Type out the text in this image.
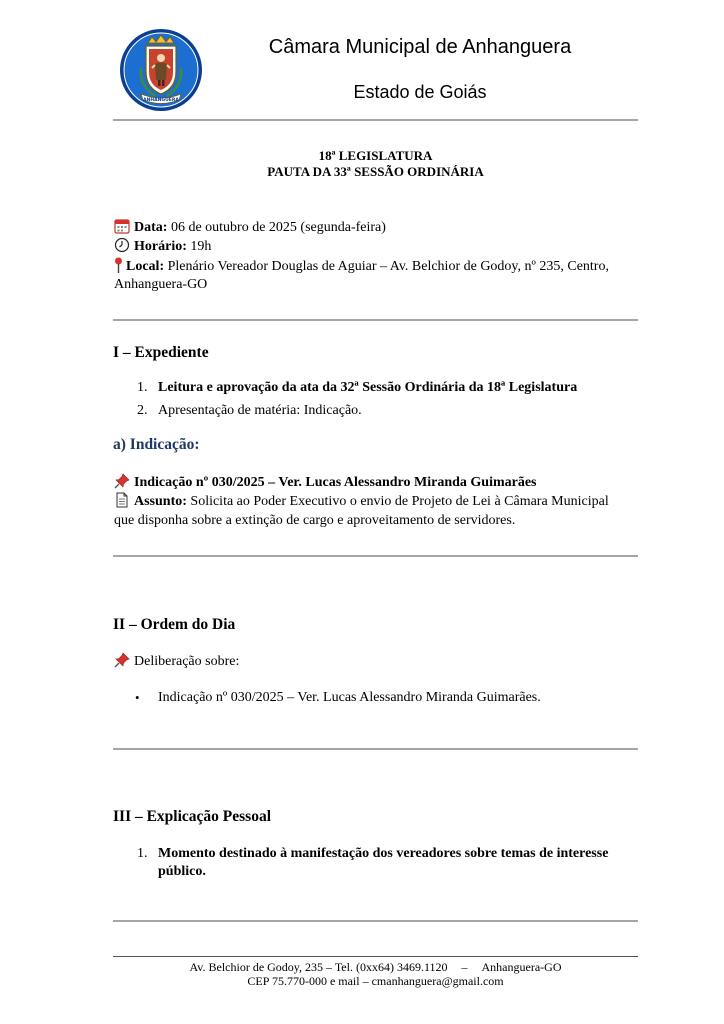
ANHANGUERA
Câmara Municipal de Anhanguera
Estado de Goiás
18ª LEGISLATURA
PAUTA DA 33ª SESSÃO ORDINÁRIA
Data: 06 de outubro de 2025 (segunda-feira)
Horário: 19h
Local: Plenário Vereador Douglas de Aguiar – Av. Belchior de Godoy, nº 235, Centro,
Anhanguera-GO
I – Expediente
1. Leitura e aprovação da ata da 32ª Sessão Ordinária da 18ª Legislatura
2. Apresentação de matéria: Indicação.
a) Indicação:
Indicação nº 030/2025 – Ver. Lucas Alessandro Miranda Guimarães
Assunto: Solicita ao Poder Executivo o envio de Projeto de Lei à Câmara Municipal
que disponha sobre a extinção de cargo e aproveitamento de servidores.
II – Ordem do Dia
Deliberação sobre:
• Indicação nº 030/2025 – Ver. Lucas Alessandro Miranda Guimarães.
III – Explicação Pessoal
1. Momento destinado à manifestação dos vereadores sobre temas de interesse
público.
Av. Belchior de Godoy, 235 – Tel. (0xx64) 3469.1120 – Anhanguera-GO
CEP 75.770-000 e mail – cmanhanguera@gmail.com
